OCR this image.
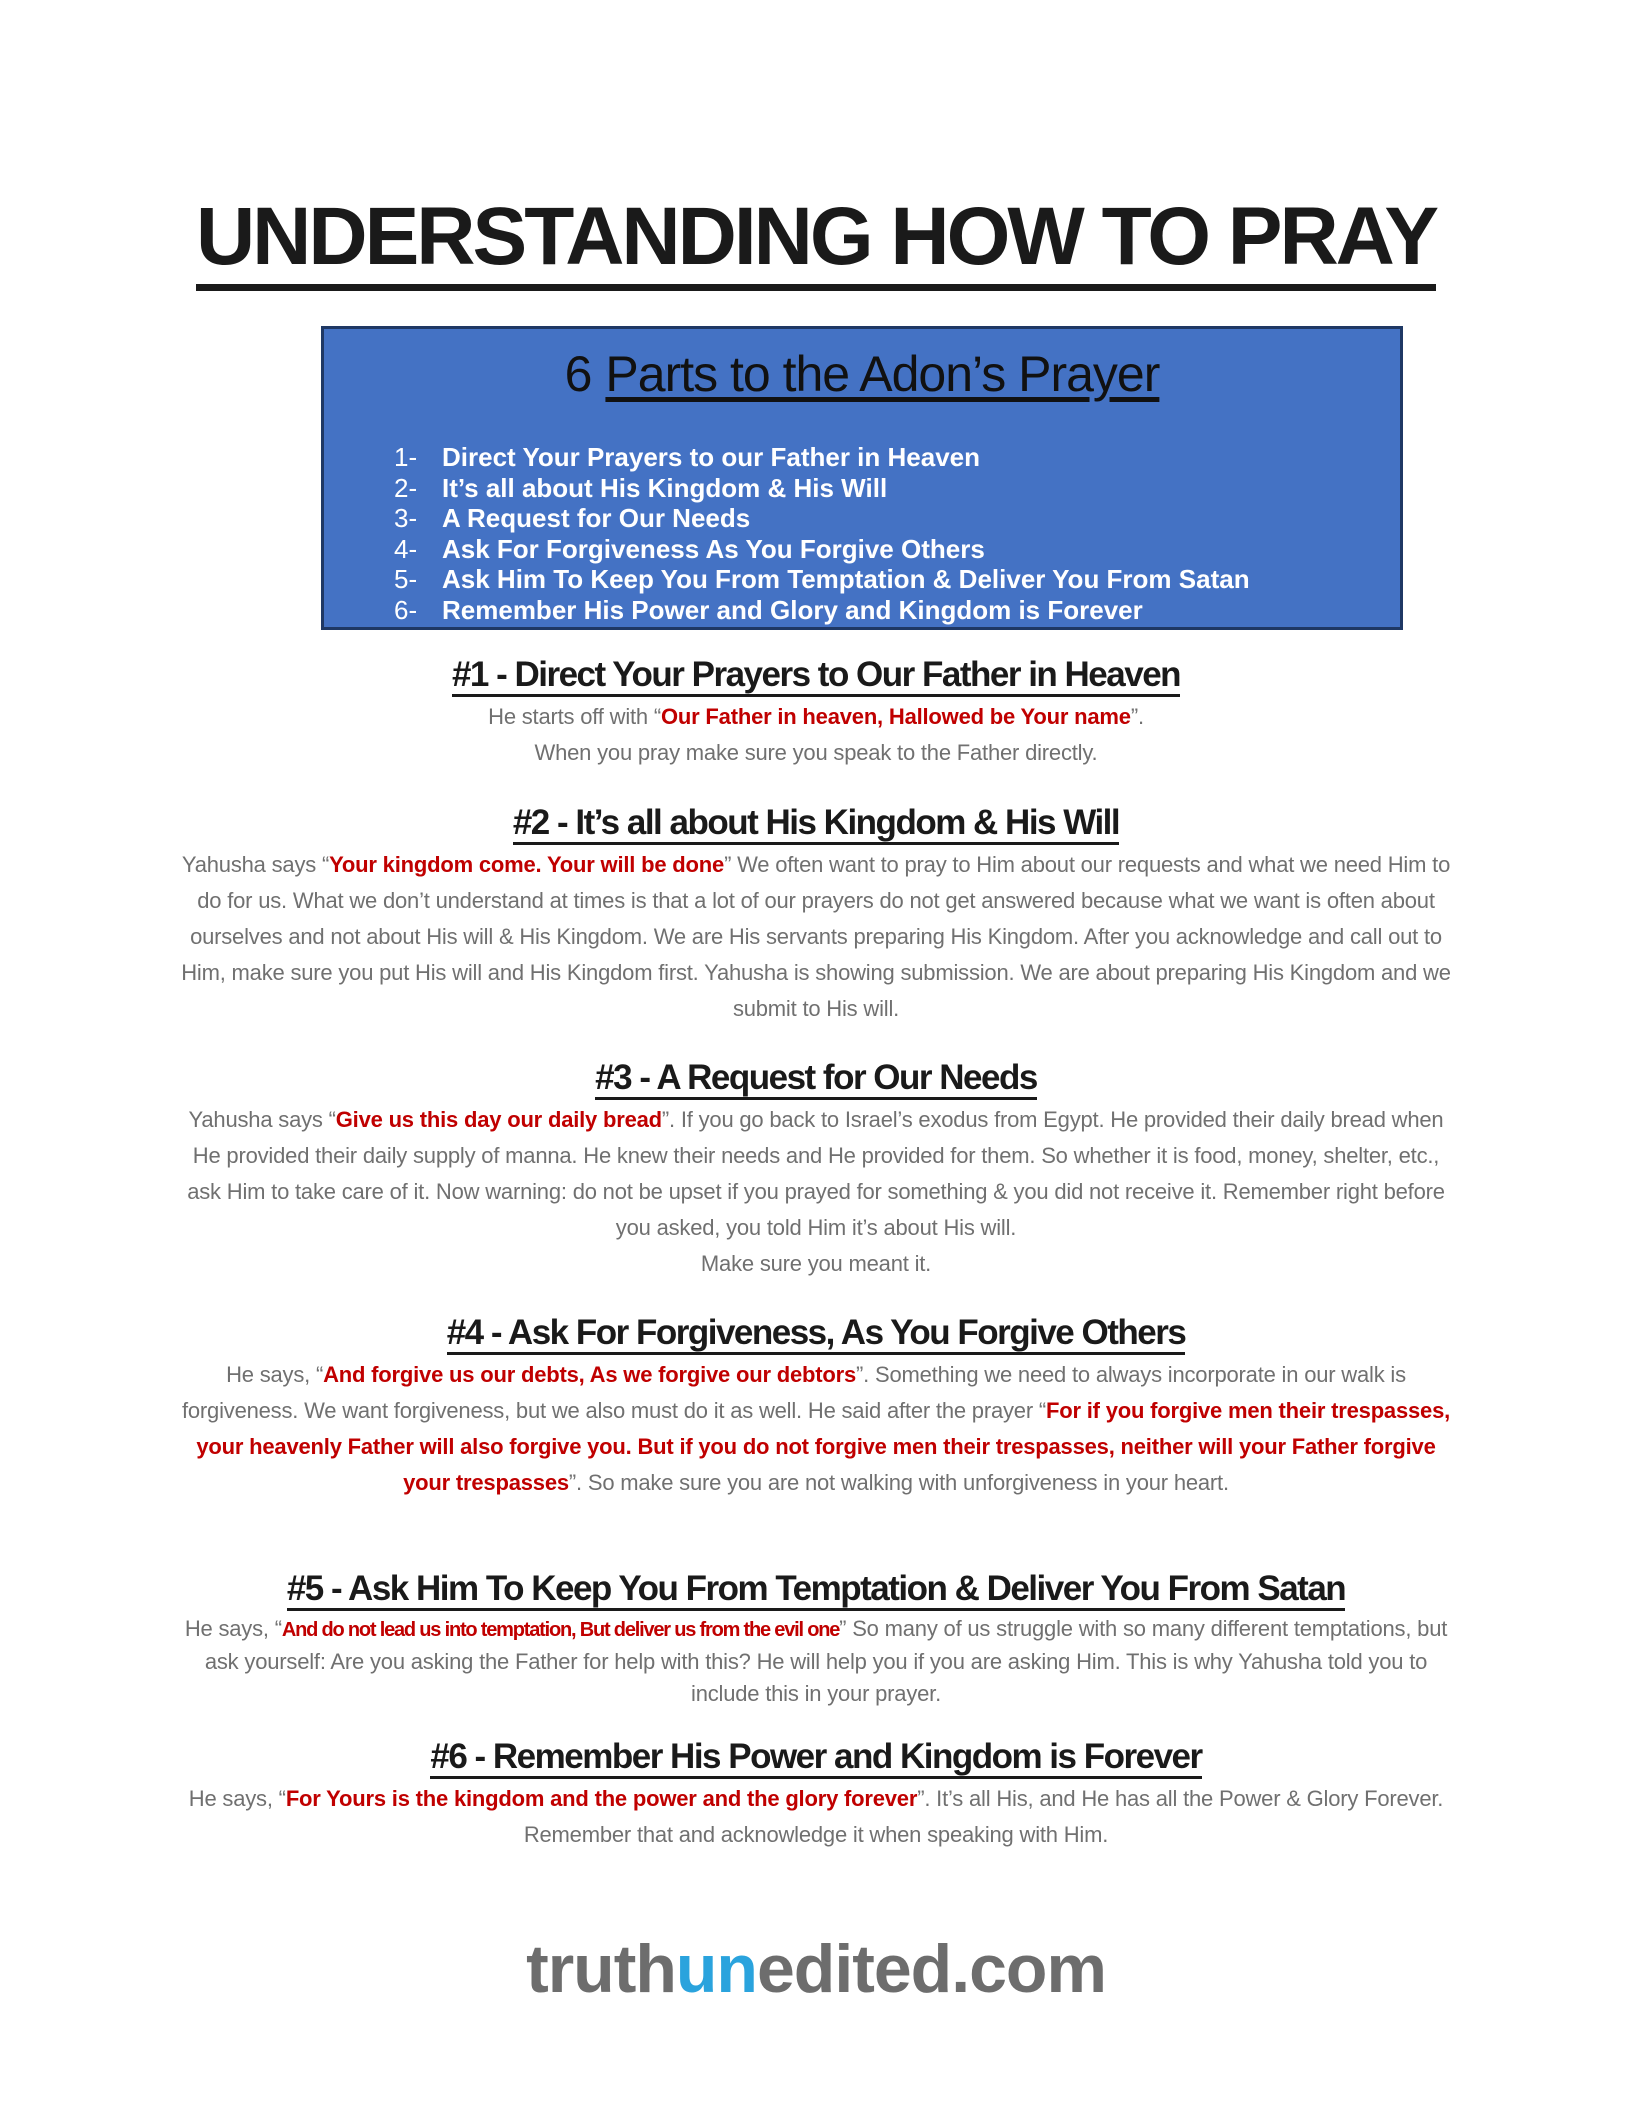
UNDERSTANDING HOW TO PRAY
6 Parts to the Adon’s Prayer
1- Direct Your Prayers to our Father in Heaven
2- It’s all about His Kingdom & His Will
3- A Request for Our Needs
4- Ask For Forgiveness As You Forgive Others
5- Ask Him To Keep You From Temptation & Deliver You From Satan
6- Remember His Power and Glory and Kingdom is Forever
#1 - Direct Your Prayers to Our Father in Heaven

He starts off with “Our Father in heaven, Hallowed be Your name”.
When you pray make sure you speak to the Father directly.

#2 - It’s all about His Kingdom & His Will

Yahusha says “Your kingdom come. Your will be done” We often want to pray to Him about our requests and what we need Him to do for us. What we don’t understand at times is that a lot of our prayers do not get answered because what we want is often about ourselves and not about His will & His Kingdom. We are His servants preparing His Kingdom. After you acknowledge and call out to Him, make sure you put His will and His Kingdom first. Yahusha is showing submission. We are about preparing His Kingdom and we submit to His will.

#3 - A Request for Our Needs

Yahusha says “Give us this day our daily bread”. If you go back to Israel’s exodus from Egypt. He provided their daily bread when He provided their daily supply of manna. He knew their needs and He provided for them. So whether it is food, money, shelter, etc., ask Him to take care of it. Now warning: do not be upset if you prayed for something & you did not receive it. Remember right before you asked, you told Him it’s about His will.
Make sure you meant it.

#4 - Ask For Forgiveness, As You Forgive Others

He says, “And forgive us our debts, As we forgive our debtors”. Something we need to always incorporate in our walk is forgiveness. We want forgiveness, but we also must do it as well. He said after the prayer “For if you forgive men their trespasses, your heavenly Father will also forgive you. But if you do not forgive men their trespasses, neither will your Father forgive your trespasses”. So make sure you are not walking with unforgiveness in your heart.

#5 - Ask Him To Keep You From Temptation & Deliver You From Satan

He says, “And do not lead us into temptation, But deliver us from the evil one” So many of us struggle with so many different temptations, but ask yourself: Are you asking the Father for help with this? He will help you if you are asking Him. This is why Yahusha told you to include this in your prayer.

#6 - Remember His Power and Kingdom is Forever

He says, “For Yours is the kingdom and the power and the glory forever”. It’s all His, and He has all the Power & Glory Forever. Remember that and acknowledge it when speaking with Him.

truthunedited.com
